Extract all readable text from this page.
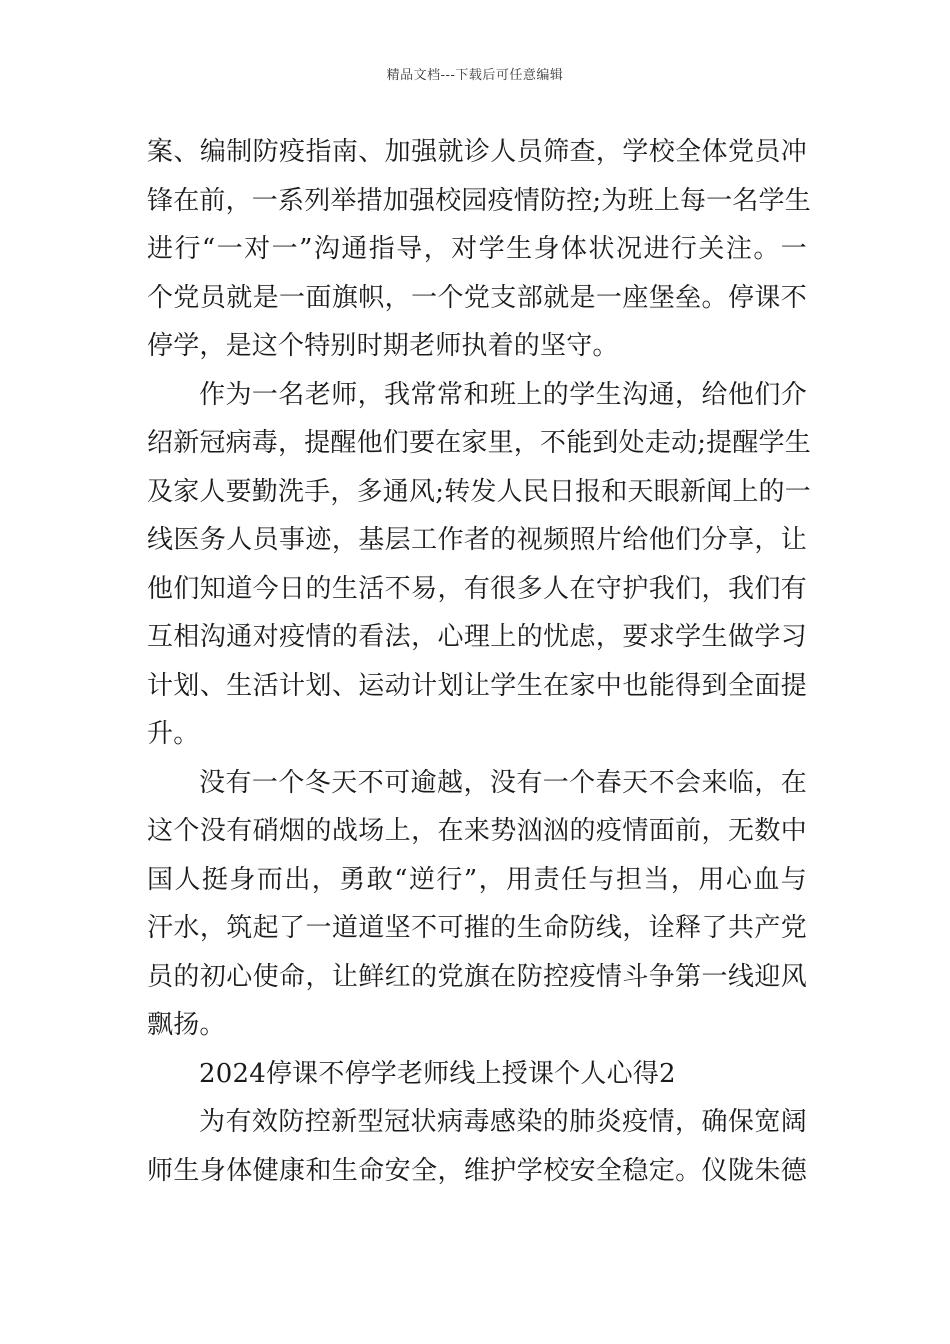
精品文档---下载后可任意编辑
案、编制防疫指南、加强就诊人员筛查，学校全体党员冲
锋在前，一系列举措加强校园疫情防控;为班上每一名学生
进行“一对一”沟通指导，对学生身体状况进行关注。一
个党员就是一面旗帜，一个党支部就是一座堡垒。停课不
停学，是这个特别时期老师执着的坚守。
作为一名老师，我常常和班上的学生沟通，给他们介
绍新冠病毒，提醒他们要在家里，不能到处走动;提醒学生
及家人要勤洗手，多通风;转发人民日报和天眼新闻上的一
线医务人员事迹，基层工作者的视频照片给他们分享，让
他们知道今日的生活不易，有很多人在守护我们，我们有
互相沟通对疫情的看法，心理上的忧虑，要求学生做学习
计划、生活计划、运动计划让学生在家中也能得到全面提
升。
没有一个冬天不可逾越，没有一个春天不会来临，在
这个没有硝烟的战场上，在来势汹汹的疫情面前，无数中
国人挺身而出，勇敢“逆行”，用责任与担当，用心血与
汗水，筑起了一道道坚不可摧的生命防线，诠释了共产党
员的初心使命，让鲜红的党旗在防控疫情斗争第一线迎风
飘扬。
2024停课不停学老师线上授课个人心得2
为有效防控新型冠状病毒感染的肺炎疫情，确保宽阔
师生身体健康和生命安全，维护学校安全稳定。仪陇朱德
